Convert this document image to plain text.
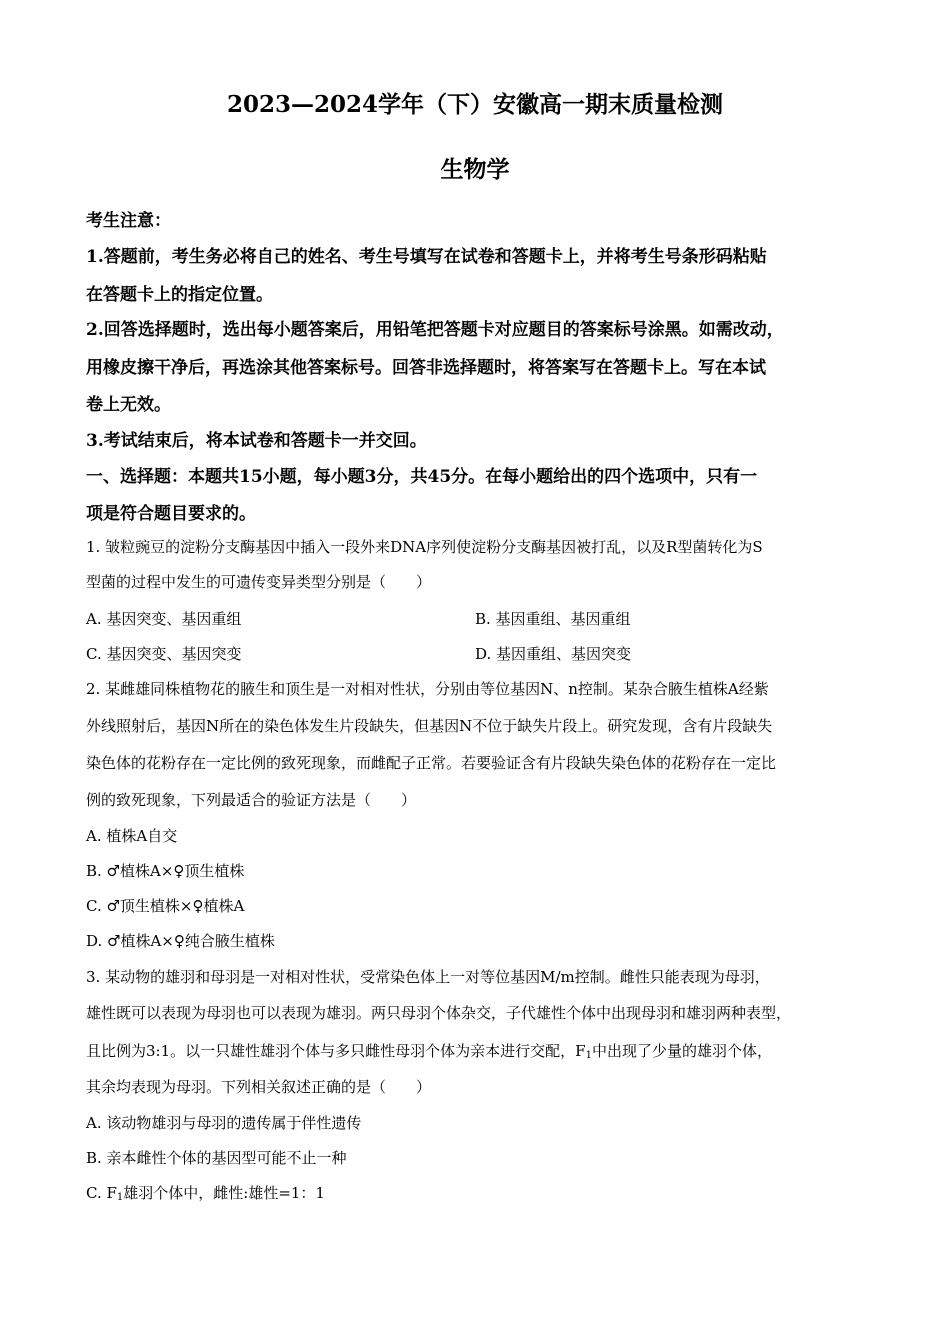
2023—2024学年（下）安徽高一期末质量检测
生物学
考生注意：
1.答题前，考生务必将自己的姓名、考生号填写在试卷和答题卡上，并将考生号条形码粘贴
在答题卡上的指定位置。
2.回答选择题时，选出每小题答案后，用铅笔把答题卡对应题目的答案标号涂黑。如需改动，
用橡皮擦干净后，再选涂其他答案标号。回答非选择题时，将答案写在答题卡上。写在本试
卷上无效。
3.考试结束后，将本试卷和答题卡一并交回。
一、选择题：本题共15小题，每小题3分，共45分。在每小题给出的四个选项中，只有一
项是符合题目要求的。
1. 皱粒豌豆的淀粉分支酶基因中插入一段外来DNA序列使淀粉分支酶基因被打乱，以及R型菌转化为S
型菌的过程中发生的可遗传变异类型分别是（　　）
A. 基因突变、基因重组	B. 基因重组、基因重组
C. 基因突变、基因突变	D. 基因重组、基因突变
2. 某雌雄同株植物花的腋生和顶生是一对相对性状，分别由等位基因N、n控制。某杂合腋生植株A经紫
外线照射后，基因N所在的染色体发生片段缺失，但基因N不位于缺失片段上。研究发现，含有片段缺失
染色体的花粉存在一定比例的致死现象，而雌配子正常。若要验证含有片段缺失染色体的花粉存在一定比
例的致死现象，下列最适合的验证方法是（　　）
A. 植株A自交
B. ♂植株A×♀顶生植株
C. ♂顶生植株×♀植株A
D. ♂植株A×♀纯合腋生植株
3. 某动物的雄羽和母羽是一对相对性状，受常染色体上一对等位基因M/m控制。雌性只能表现为母羽，
雄性既可以表现为母羽也可以表现为雄羽。两只母羽个体杂交，子代雄性个体中出现母羽和雄羽两种表型，
且比例为3:1。以一只雄性雄羽个体与多只雌性母羽个体为亲本进行交配，$F_1$中出现了少量的雄羽个体，
其余均表现为母羽。下列相关叙述正确的是（　　）
A. 该动物雄羽与母羽的遗传属于伴性遗传
B. 亲本雌性个体的基因型可能不止一种
C. $F_1$雄羽个体中，雌性:雄性=1：1
